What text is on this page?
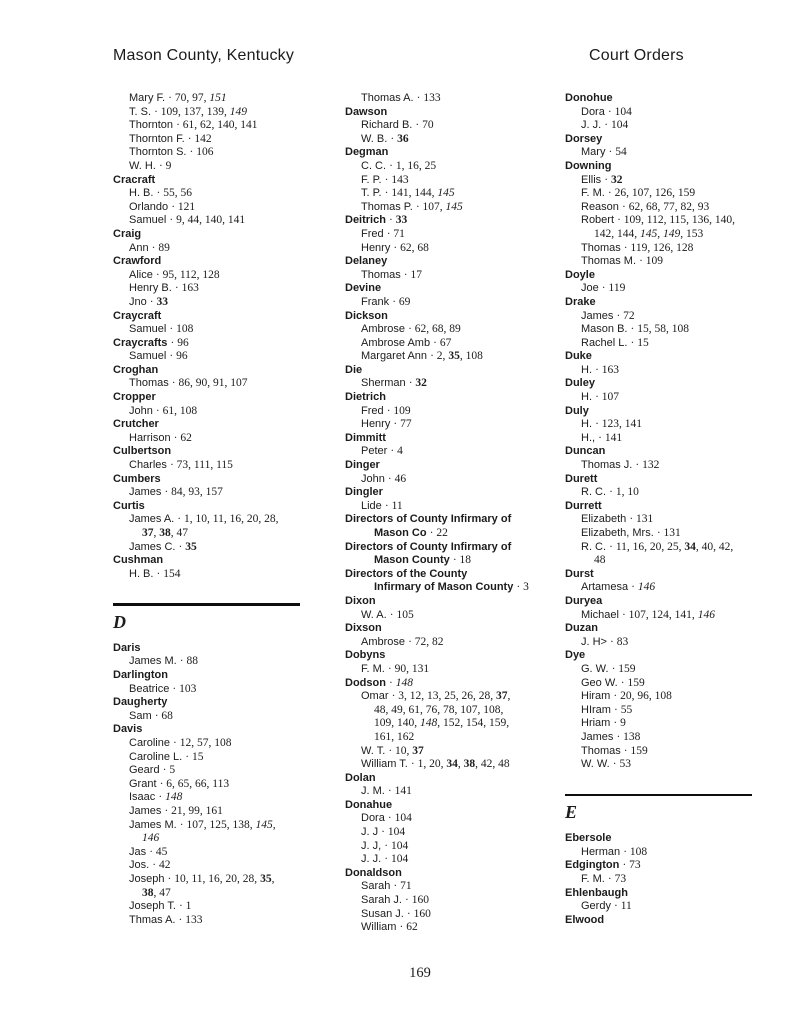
Mason County, Kentucky	Court Orders
Mary F. · 70, 97, 151
T. S. · 109, 137, 139, 149
Thornton · 61, 62, 140, 141
Thornton F. · 142
Thornton S. · 106
W. H. · 9
Cracraft
H. B. · 55, 56
Orlando · 121
Samuel · 9, 44, 140, 141
Craig
Ann · 89
Crawford
Alice · 95, 112, 128
Henry B. · 163
Jno · 33
Craycraft
Samuel · 108
Craycrafts · 96
Samuel · 96
Croghan
Thomas · 86, 90, 91, 107
Cropper
John · 61, 108
Crutcher
Harrison · 62
Culbertson
Charles · 73, 111, 115
Cumbers
James · 84, 93, 157
Curtis
James A. · 1, 10, 11, 16, 20, 28,
37, 38, 47
James C. · 35
Cushman
H. B. · 154
D
Daris
James M. · 88
Darlington
Beatrice · 103
Daugherty
Sam · 68
Davis
Caroline · 12, 57, 108
Caroline L. · 15
Geard · 5
Grant · 6, 65, 66, 113
Isaac · 148
James · 21, 99, 161
James M. · 107, 125, 138, 145,
146
Jas · 45
Jos. · 42
Joseph · 10, 11, 16, 20, 28, 35,
38, 47
Joseph T. · 1
Thmas A. · 133
Thomas A. · 133
Dawson
Richard B. · 70
W. B. · 36
Degman
C. C. · 1, 16, 25
F. P. · 143
T. P. · 141, 144, 145
Thomas P. · 107, 145
Deitrich · 33
Fred · 71
Henry · 62, 68
Delaney
Thomas · 17
Devine
Frank · 69
Dickson
Ambrose · 62, 68, 89
Ambrose Amb · 67
Margaret Ann · 2, 35, 108
Die
Sherman · 32
Dietrich
Fred · 109
Henry · 77
Dimmitt
Peter · 4
Dinger
John · 46
Dingler
Lide · 11
Directors of County Infirmary of
Mason Co · 22
Directors of County Infirmary of
Mason County · 18
Directors of the County
Infirmary of Mason County · 3
Dixon
W. A. · 105
Dixson
Ambrose · 72, 82
Dobyns
F. M. · 90, 131
Dodson · 148
Omar · 3, 12, 13, 25, 26, 28, 37,
48, 49, 61, 76, 78, 107, 108,
109, 140, 148, 152, 154, 159,
161, 162
W. T. · 10, 37
William T. · 1, 20, 34, 38, 42, 48
Dolan
J. M. · 141
Donahue
Dora · 104
J. J · 104
J. J, · 104
J. J. · 104
Donaldson
Sarah · 71
Sarah J. · 160
Susan J. · 160
William · 62
Donohue
Dora · 104
J. J. · 104
Dorsey
Mary · 54
Downing
Ellis · 32
F. M. · 26, 107, 126, 159
Reason · 62, 68, 77, 82, 93
Robert · 109, 112, 115, 136, 140,
142, 144, 145, 149, 153
Thomas · 119, 126, 128
Thomas M. · 109
Doyle
Joe · 119
Drake
James · 72
Mason B. · 15, 58, 108
Rachel L. · 15
Duke
H. · 163
Duley
H. · 107
Duly
H. · 123, 141
H., · 141
Duncan
Thomas J. · 132
Durett
R. C. · 1, 10
Durrett
Elizabeth · 131
Elizabeth, Mrs. · 131
R. C. · 11, 16, 20, 25, 34, 40, 42,
48
Durst
Artamesa · 146
Duryea
Michael · 107, 124, 141, 146
Duzan
J. H> · 83
Dye
G. W. · 159
Geo W. · 159
Hiram · 20, 96, 108
HIram · 55
Hriam · 9
James · 138
Thomas · 159
W. W. · 53
E
Ebersole
Herman · 108
Edgington · 73
F. M. · 73
Ehlenbaugh
Gerdy · 11
Elwood
169
